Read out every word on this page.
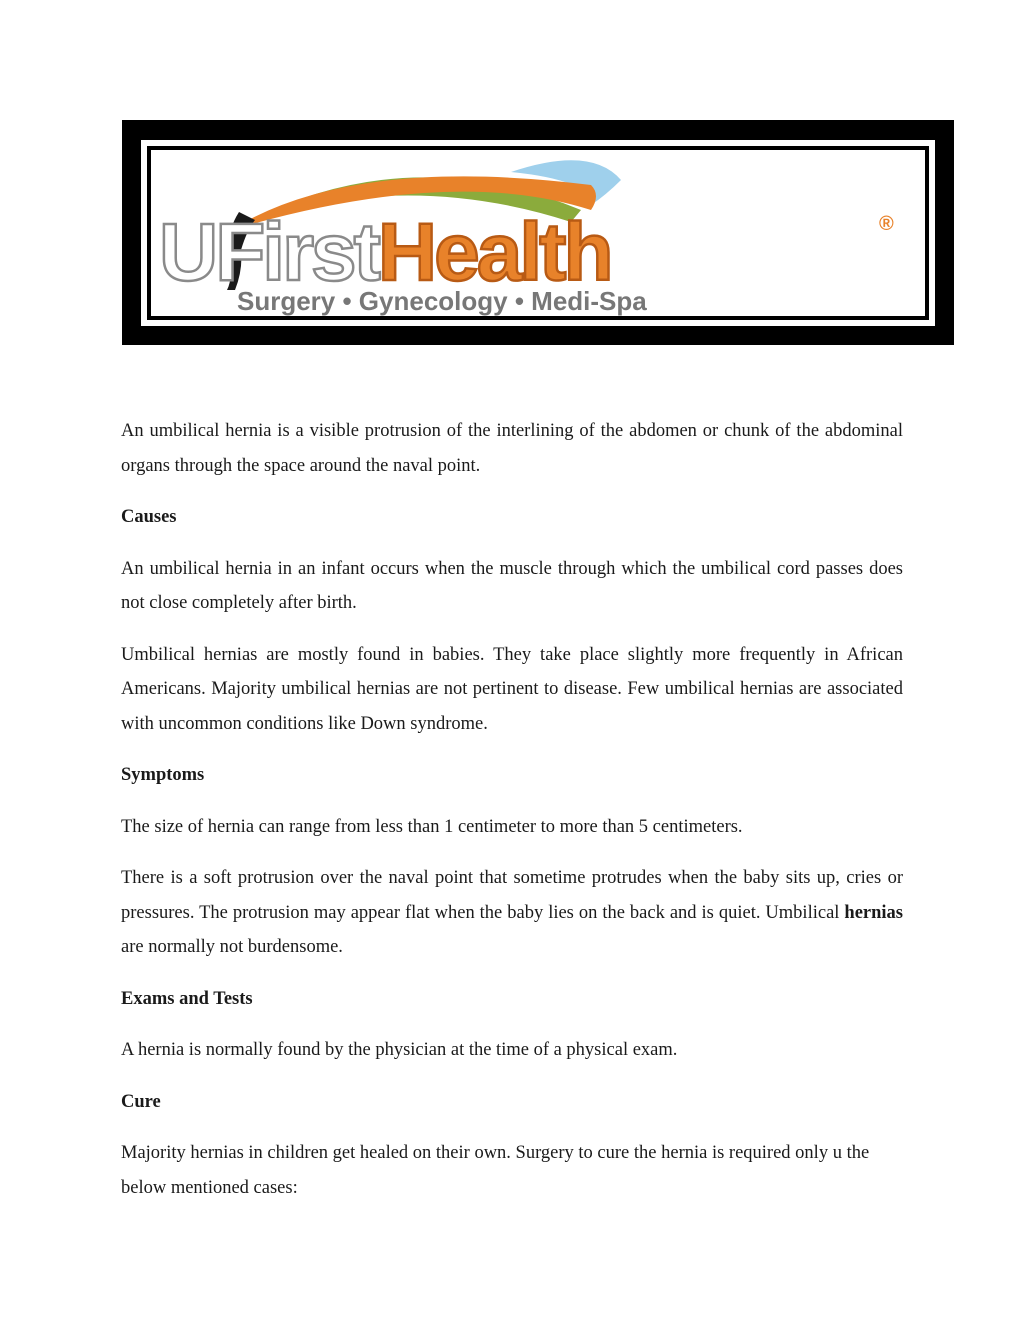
UFirstHealth	®
Surgery • Gynecology • Medi-Spa

An umbilical hernia is a visible protrusion of the interlining of the abdomen or chunk of the abdominal organs through the space around the naval point.

Causes

An umbilical hernia in an infant occurs when the muscle through which the umbilical cord passes does not close completely after birth.

Umbilical hernias are mostly found in babies. They take place slightly more frequently in African Americans. Majority umbilical hernias are not pertinent to disease. Few umbilical hernias are associated with uncommon conditions like Down syndrome.

Symptoms

The size of hernia can range from less than 1 centimeter to more than 5 centimeters.

There is a soft protrusion over the naval point that sometime protrudes when the baby sits up, cries or pressures. The protrusion may appear flat when the baby lies on the back and is quiet. Umbilical hernias are normally not burdensome.

Exams and Tests

A hernia is normally found by the physician at the time of a physical exam.

Cure

Majority hernias in children get healed on their own. Surgery to cure the hernia is required only u the below mentioned cases:
